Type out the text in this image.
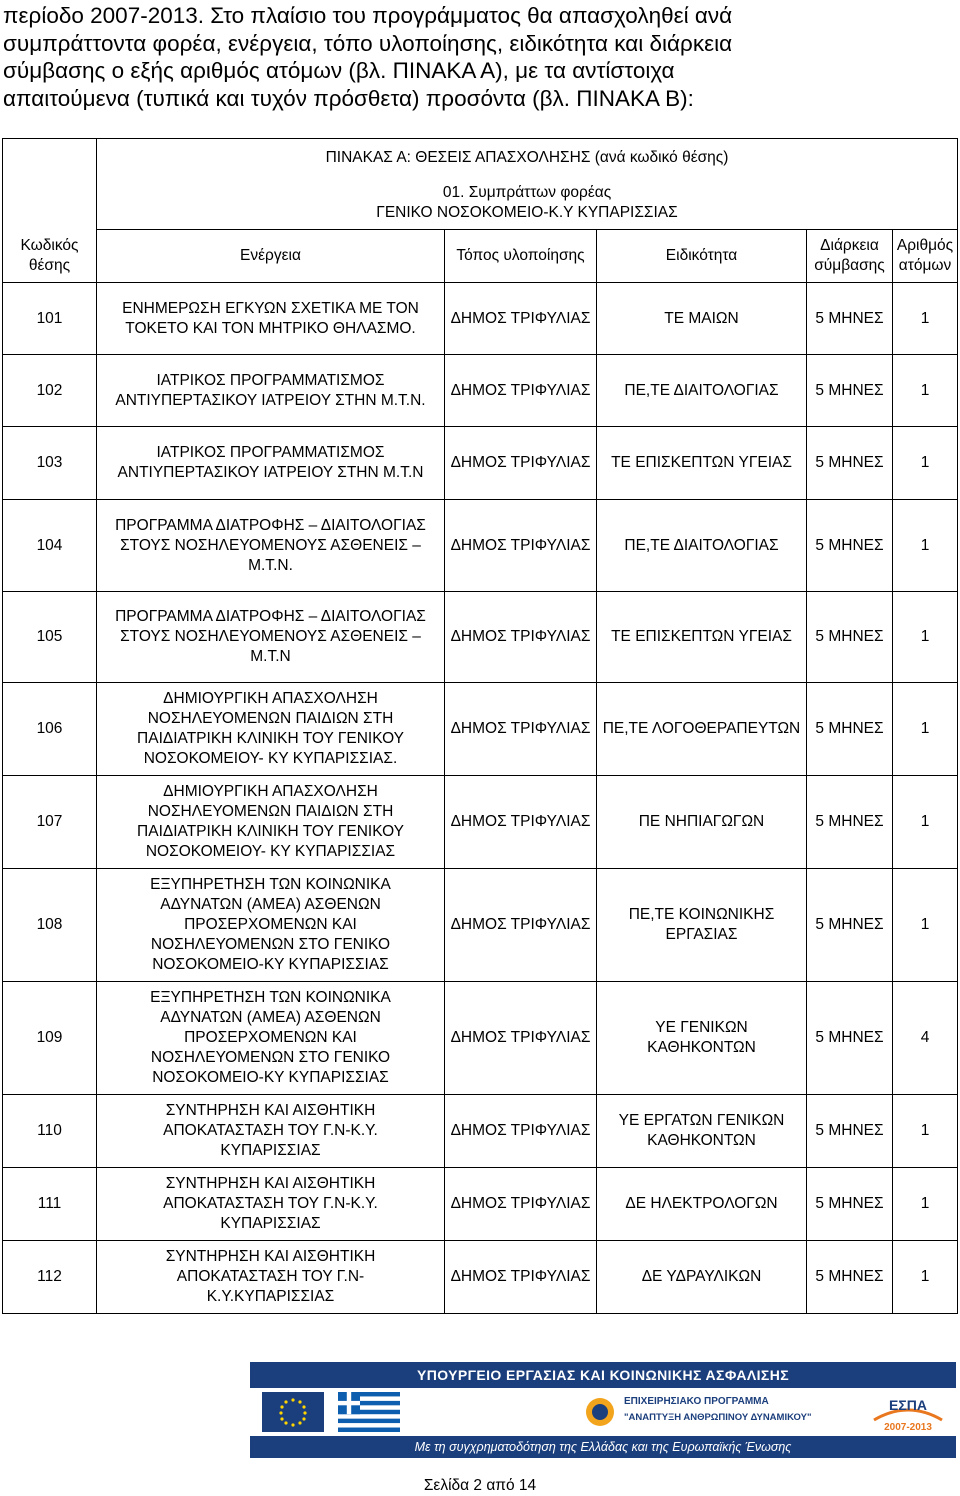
περίοδο 2007-2013. Στο πλαίσιο του προγράμματος θα απασχοληθεί ανά
συμπράττοντα φορέα, ενέργεια, τόπο υλοποίησης, ειδικότητα και διάρκεια
σύμβασης ο εξής αριθμός ατόμων (βλ. ΠΙΝΑΚΑ Α), με τα αντίστοιχα
απαιτούμενα (τυπικά και τυχόν πρόσθετα) προσόντα (βλ. ΠΙΝΑΚΑ Β):
	ΠΙΝΑΚΑΣ Α: ΘΕΣΕΙΣ ΑΠΑΣΧΟΛΗΣΗΣ (ανά κωδικό θέσης)				

	01. Συμπράττων φορέας
ΓΕΝΙΚΟ ΝΟΣΟΚΟΜΕΙΟ-Κ.Υ ΚΥΠΑΡΙΣΣΙΑΣ				

Κωδικός θέσης	Ενέργεια	Τόπος υλοποίησης	Ειδικότητα	Διάρκεια σύμβασης	Αριθμός ατόμων
101	ΕΝΗΜΕΡΩΣΗ ΕΓΚΥΩΝ ΣΧΕΤΙΚΑ ΜΕ ΤΟΝ ΤΟΚΕΤΟ ΚΑΙ ΤΟΝ ΜΗΤΡΙΚΟ ΘΗΛΑΣΜΟ.	ΔΗΜΟΣ ΤΡΙΦΥΛΙΑΣ	ΤΕ ΜΑΙΩΝ	5 ΜΗΝΕΣ	1
102	ΙΑΤΡΙΚΟΣ ΠΡΟΓΡΑΜΜΑΤΙΣΜΟΣ ΑΝΤΙΥΠΕΡΤΑΣΙΚΟΥ ΙΑΤΡΕΙΟΥ ΣΤΗΝ Μ.Τ.Ν.	ΔΗΜΟΣ ΤΡΙΦΥΛΙΑΣ	ΠΕ,ΤΕ ΔΙΑΙΤΟΛΟΓΙΑΣ	5 ΜΗΝΕΣ	1
103	ΙΑΤΡΙΚΟΣ ΠΡΟΓΡΑΜΜΑΤΙΣΜΟΣ ΑΝΤΙΥΠΕΡΤΑΣΙΚΟΥ ΙΑΤΡΕΙΟΥ ΣΤΗΝ Μ.Τ.Ν	ΔΗΜΟΣ ΤΡΙΦΥΛΙΑΣ	ΤΕ ΕΠΙΣΚΕΠΤΩΝ ΥΓΕΙΑΣ	5 ΜΗΝΕΣ	1
104	ΠΡΟΓΡΑΜΜΑ ΔΙΑΤΡΟΦΗΣ – ΔΙΑΙΤΟΛΟΓΙΑΣ ΣΤΟΥΣ ΝΟΣΗΛΕΥΟΜΕΝΟΥΣ ΑΣΘΕΝΕΙΣ – Μ.Τ.Ν.	ΔΗΜΟΣ ΤΡΙΦΥΛΙΑΣ	ΠΕ,ΤΕ ΔΙΑΙΤΟΛΟΓΙΑΣ	5 ΜΗΝΕΣ	1
105	ΠΡΟΓΡΑΜΜΑ ΔΙΑΤΡΟΦΗΣ – ΔΙΑΙΤΟΛΟΓΙΑΣ ΣΤΟΥΣ ΝΟΣΗΛΕΥΟΜΕΝΟΥΣ ΑΣΘΕΝΕΙΣ – Μ.Τ.Ν	ΔΗΜΟΣ ΤΡΙΦΥΛΙΑΣ	ΤΕ ΕΠΙΣΚΕΠΤΩΝ ΥΓΕΙΑΣ	5 ΜΗΝΕΣ	1
106	ΔΗΜΙΟΥΡΓΙΚΗ ΑΠΑΣΧΟΛΗΣΗ ΝΟΣΗΛΕΥΟΜΕΝΩΝ ΠΑΙΔΙΩΝ ΣΤΗ ΠΑΙΔΙΑΤΡΙΚΗ ΚΛΙΝΙΚΗ ΤΟΥ ΓΕΝΙΚΟΥ ΝΟΣΟΚΟΜΕΙΟΥ- ΚΥ ΚΥΠΑΡΙΣΣΙΑΣ.	ΔΗΜΟΣ ΤΡΙΦΥΛΙΑΣ	ΠΕ,ΤΕ ΛΟΓΟΘΕΡΑΠΕΥΤΩΝ	5 ΜΗΝΕΣ	1
107	ΔΗΜΙΟΥΡΓΙΚΗ ΑΠΑΣΧΟΛΗΣΗ ΝΟΣΗΛΕΥΟΜΕΝΩΝ ΠΑΙΔΙΩΝ ΣΤΗ ΠΑΙΔΙΑΤΡΙΚΗ ΚΛΙΝΙΚΗ ΤΟΥ ΓΕΝΙΚΟΥ ΝΟΣΟΚΟΜΕΙΟΥ- ΚΥ ΚΥΠΑΡΙΣΣΙΑΣ	ΔΗΜΟΣ ΤΡΙΦΥΛΙΑΣ	ΠΕ ΝΗΠΙΑΓΩΓΩΝ	5 ΜΗΝΕΣ	1
108	ΕΞΥΠΗΡΕΤΗΣΗ ΤΩΝ ΚΟΙΝΩΝΙΚΑ ΑΔΥΝΑΤΩΝ (ΑΜΕΑ) ΑΣΘΕΝΩΝ ΠΡΟΣΕΡΧΟΜΕΝΩΝ ΚΑΙ ΝΟΣΗΛΕΥΟΜΕΝΩΝ ΣΤΟ ΓΕΝΙΚΟ ΝΟΣΟΚΟΜΕΙΟ-ΚΥ ΚΥΠΑΡΙΣΣΙΑΣ	ΔΗΜΟΣ ΤΡΙΦΥΛΙΑΣ	ΠΕ,ΤΕ ΚΟΙΝΩΝΙΚΗΣ ΕΡΓΑΣΙΑΣ	5 ΜΗΝΕΣ	1
109	ΕΞΥΠΗΡΕΤΗΣΗ ΤΩΝ ΚΟΙΝΩΝΙΚΑ ΑΔΥΝΑΤΩΝ (ΑΜΕΑ) ΑΣΘΕΝΩΝ ΠΡΟΣΕΡΧΟΜΕΝΩΝ ΚΑΙ ΝΟΣΗΛΕΥΟΜΕΝΩΝ ΣΤΟ ΓΕΝΙΚΟ ΝΟΣΟΚΟΜΕΙΟ-ΚΥ ΚΥΠΑΡΙΣΣΙΑΣ	ΔΗΜΟΣ ΤΡΙΦΥΛΙΑΣ	ΥΕ ΓΕΝΙΚΩΝ ΚΑΘΗΚΟΝΤΩΝ	5 ΜΗΝΕΣ	4
110	ΣΥΝΤΗΡΗΣΗ ΚΑΙ ΑΙΣΘΗΤΙΚΗ ΑΠΟΚΑΤΑΣΤΑΣΗ ΤΟΥ Γ.Ν-Κ.Υ. ΚΥΠΑΡΙΣΣΙΑΣ	ΔΗΜΟΣ ΤΡΙΦΥΛΙΑΣ	ΥΕ ΕΡΓΑΤΩΝ ΓΕΝΙΚΩΝ ΚΑΘΗΚΟΝΤΩΝ	5 ΜΗΝΕΣ	1
111	ΣΥΝΤΗΡΗΣΗ ΚΑΙ ΑΙΣΘΗΤΙΚΗ ΑΠΟΚΑΤΑΣΤΑΣΗ ΤΟΥ Γ.Ν-Κ.Υ. ΚΥΠΑΡΙΣΣΙΑΣ	ΔΗΜΟΣ ΤΡΙΦΥΛΙΑΣ	ΔΕ ΗΛΕΚΤΡΟΛΟΓΩΝ	5 ΜΗΝΕΣ	1
112	ΣΥΝΤΗΡΗΣΗ ΚΑΙ ΑΙΣΘΗΤΙΚΗ ΑΠΟΚΑΤΑΣΤΑΣΗ ΤΟΥ Γ.Ν-Κ.Υ.ΚΥΠΑΡΙΣΣΙΑΣ	ΔΗΜΟΣ ΤΡΙΦΥΛΙΑΣ	ΔΕ ΥΔΡΑΥΛΙΚΩΝ	5 ΜΗΝΕΣ	1
ΥΠΟΥΡΓΕΙΟ ΕΡΓΑΣΙΑΣ ΚΑΙ ΚΟΙΝΩΝΙΚΗΣ ΑΣΦΑΛΙΣΗΣ
ΕΠΙΧΕΙΡΗΣΙΑΚΟ ΠΡΟΓΡΑΜΜΑ
"ΑΝΑΠΤΥΞΗ ΑΝΘΡΩΠΙΝΟΥ ΔΥΝΑΜΙΚΟΥ"
ΕΣΠΑ
2007-2013
Με τη συγχρηματοδότηση της Ελλάδας και της Ευρωπαϊκής Ένωσης
Σελίδα 2 από 14
